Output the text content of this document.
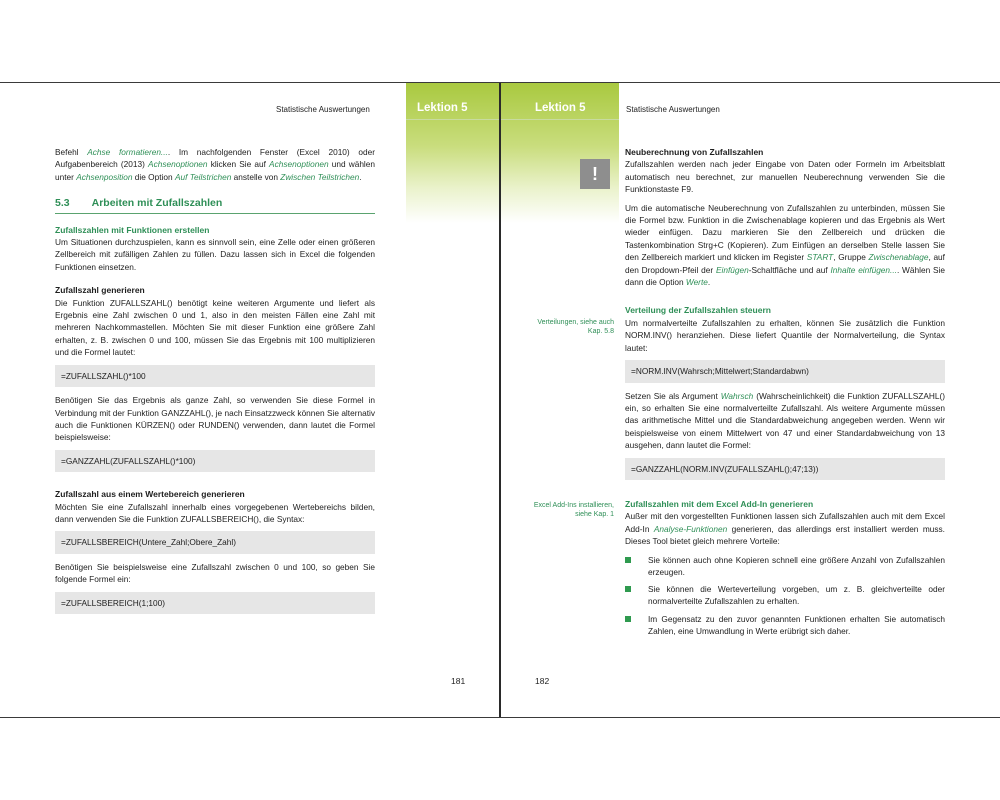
Statistische Auswertungen	Lektion 5	Lektion 5	Statistische Auswertungen

Befehl Achse formatieren.... Im nachfolgenden Fenster (Excel 2010) oder Aufgabenbereich (2013) Achsenoptionen klicken Sie auf Achsenoptionen und wählen unter Achsenposition die Option Auf Teilstrichen anstelle von Zwischen Teilstrichen.

5.3 Arbeiten mit Zufallszahlen
Zufallszahlen mit Funktionen erstellen

Um Situationen durchzuspielen, kann es sinnvoll sein, eine Zelle oder einen größeren Zellbereich mit zufälligen Zahlen zu füllen. Dazu lassen sich in Excel die folgenden Funktionen einsetzen.

Zufallszahl generieren

Die Funktion ZUFALLSZAHL() benötigt keine weiteren Argumente und liefert als Ergebnis eine Zahl zwischen 0 und 1, also in den meisten Fällen eine Zahl mit mehreren Nachkommastellen. Möchten Sie mit dieser Funktion eine größere Zahl erhalten, z. B. zwischen 0 und 100, müssen Sie das Ergebnis mit 100 multiplizieren und die Formel lautet:

=ZUFALLSZAHL()*100

Benötigen Sie das Ergebnis als ganze Zahl, so verwenden Sie diese Formel in Verbindung mit der Funktion GANZZAHL(), je nach Einsatzzweck können Sie alternativ auch die Funktionen KÜRZEN() oder RUNDEN() verwenden, dann lautet die Formel beispielsweise:

=GANZZAHL(ZUFALLSZAHL()*100)
Zufallszahl aus einem Wertebereich generieren

Möchten Sie eine Zufallszahl innerhalb eines vorgegebenen Wertebereichs bilden, dann verwenden Sie die Funktion ZUFALLSBEREICH(), die Syntax:

=ZUFALLSBEREICH(Untere_Zahl;Obere_Zahl)

Benötigen Sie beispielsweise eine Zufallszahl zwischen 0 und 100, so geben Sie folgende Formel ein:

=ZUFALLSBEREICH(1;100)
181
!
Verteilungen, siehe auch Kap. 5.8
Excel Add-Ins installieren, siehe Kap. 1
Neuberechnung von Zufallszahlen

Zufallszahlen werden nach jeder Eingabe von Daten oder Formeln im Arbeitsblatt automatisch neu berechnet, zur manuellen Neuberechnung verwenden Sie die Funktionstaste F9.

Um die automatische Neuberechnung von Zufallszahlen zu unterbinden, müssen Sie die Formel bzw. Funktion in die Zwischenablage kopieren und das Ergebnis als Wert wieder einfügen. Dazu markieren Sie den Zellbereich und drücken die Tastenkombination Strg+C (Kopieren). Zum Einfügen an derselben Stelle lassen Sie den Zellbereich markiert und klicken im Register START, Gruppe Zwischenablage, auf den Dropdown-Pfeil der Einfügen-Schaltfläche und auf Inhalte einfügen.... Wählen Sie dann die Option Werte.

Verteilung der Zufallszahlen steuern

Um normalverteilte Zufallszahlen zu erhalten, können Sie zusätzlich die Funktion NORM.INV() heranziehen. Diese liefert Quantile der Normalverteilung, die Syntax lautet:

=NORM.INV(Wahrsch;Mittelwert;Standardabwn)

Setzen Sie als Argument Wahrsch (Wahrscheinlichkeit) die Funktion ZUFALLSZAHL() ein, so erhalten Sie eine normalverteilte Zufallszahl. Als weitere Argumente müssen das arithmetische Mittel und die Standardabweichung angegeben werden. Wenn wir beispielsweise von einem Mittelwert von 47 und einer Standardabweichung von 13 ausgehen, dann lautet die Formel:

=GANZZAHL(NORM.INV(ZUFALLSZAHL();47;13))
Zufallszahlen mit dem Excel Add-In generieren

Außer mit den vorgestellten Funktionen lassen sich Zufallszahlen auch mit dem Excel Add-In Analyse-Funktionen generieren, das allerdings erst installiert werden muss. Dieses Tool bietet gleich mehrere Vorteile:

Sie können auch ohne Kopieren schnell eine größere Anzahl von Zufallszahlen erzeugen.
Sie können die Werteverteilung vorgeben, um z. B. gleichverteilte oder normalverteilte Zufallszahlen zu erhalten.
Im Gegensatz zu den zuvor genannten Funktionen erhalten Sie automatisch Zahlen, eine Umwandlung in Werte erübrigt sich daher.
182
